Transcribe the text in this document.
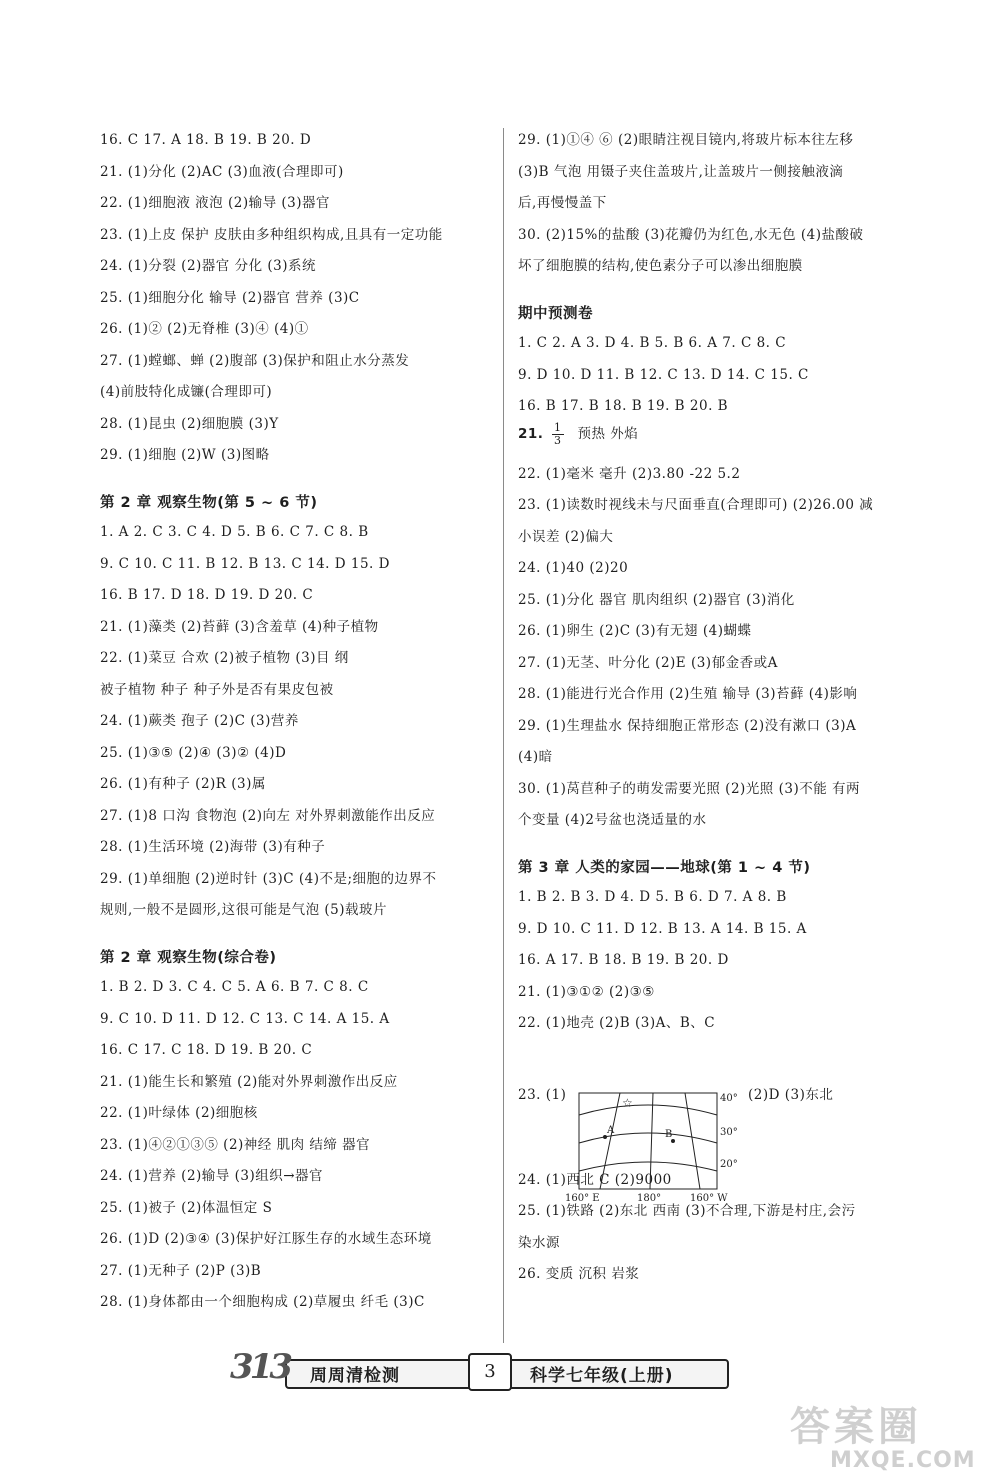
16. C 17. A 18. B 19. B 20. D
21. (1)分化 (2)AC (3)血液(合理即可)
22. (1)细胞液 液泡 (2)输导 (3)器官
23. (1)上皮 保护 皮肤由多种组织构成,且具有一定功能
24. (1)分裂 (2)器官 分化 (3)系统
25. (1)细胞分化 输导 (2)器官 营养 (3)C
26. (1)② (2)无脊椎 (3)④ (4)①
27. (1)螳螂、蝉 (2)腹部 (3)保护和阻止水分蒸发
(4)前肢特化成镰(合理即可)
28. (1)昆虫 (2)细胞膜 (3)Y
29. (1)细胞 (2)W (3)图略
第 2 章 观察生物(第 5 ~ 6 节)
1. A 2. C 3. C 4. D 5. B 6. C 7. C 8. B
9. C 10. C 11. B 12. B 13. C 14. D 15. D
16. B 17. D 18. D 19. D 20. C
21. (1)藻类 (2)苔藓 (3)含羞草 (4)种子植物
22. (1)菜豆 合欢 (2)被子植物 (3)目 纲
被子植物 种子 种子外是否有果皮包被
24. (1)蕨类 孢子 (2)C (3)营养
25. (1)③⑤ (2)④ (3)② (4)D
26. (1)有种子 (2)R (3)属
27. (1)8 口沟 食物泡 (2)向左 对外界刺激能作出反应
28. (1)生活环境 (2)海带 (3)有种子
29. (1)单细胞 (2)逆时针 (3)C (4)不是;细胞的边界不
规则,一般不是圆形,这很可能是气泡 (5)载玻片
第 2 章 观察生物(综合卷)
1. B 2. D 3. C 4. C 5. A 6. B 7. C 8. C
9. C 10. D 11. D 12. C 13. C 14. A 15. A
16. C 17. C 18. D 19. B 20. C
21. (1)能生长和繁殖 (2)能对外界刺激作出反应
22. (1)叶绿体 (2)细胞核
23. (1)④②①③⑤ (2)神经 肌肉 结缔 器官
24. (1)营养 (2)输导 (3)组织→器官
25. (1)被子 (2)体温恒定 S
26. (1)D (2)③④ (3)保护好江豚生存的水域生态环境
27. (1)无种子 (2)P (3)B
28. (1)身体都由一个细胞构成 (2)草履虫 纤毛 (3)C
29. (1)①④ ⑥ (2)眼睛注视目镜内,将玻片标本往左移
(3)B 气泡 用镊子夹住盖玻片,让盖玻片一侧接触液滴
后,再慢慢盖下
30. (2)15%的盐酸 (3)花瓣仍为红色,水无色 (4)盐酸破
坏了细胞膜的结构,使色素分子可以渗出细胞膜
期中预测卷
1. C 2. A 3. D 4. B 5. B 6. A 7. C 8. C
9. D 10. D 11. B 12. C 13. D 14. C 15. C
16. B 17. B 18. B 19. B 20. B
21. $\frac{1}{3}$ 预热 外焰
22. (1)毫米 毫升 (2)3.80 -22 5.2
23. (1)读数时视线未与尺面垂直(合理即可) (2)26.00 减
小误差 (2)偏大
24. (1)40 (2)20
25. (1)分化 器官 肌肉组织 (2)器官 (3)消化
26. (1)卵生 (2)C (3)有无翅 (4)蝴蝶
27. (1)无茎、叶分化 (2)E (3)郁金香或A
28. (1)能进行光合作用 (2)生殖 输导 (3)苔藓 (4)影响
29. (1)生理盐水 保持细胞正常形态 (2)没有漱口 (3)A
(4)暗
30. (1)莴苣种子的萌发需要光照 (2)光照 (3)不能 有两
个变量 (4)2号盆也浇适量的水
第 3 章 人类的家园——地球(第 1 ~ 4 节)
1. B 2. B 3. D 4. D 5. B 6. D 7. A 8. B
9. D 10. C 11. D 12. B 13. A 14. B 15. A
16. A 17. B 18. B 19. B 20. D
21. (1)③①② (2)③⑤
22. (1)地壳 (2)B (3)A、B、C
23. (1)	(2)D (3)东北
24. (1)西北 C (2)9000
25. (1)铁路 (2)东北 西南 (3)不合理,下游是村庄,会污
染水源
26. 变质 沉积 岩浆
☆
A	B
40°
30°
20°
160° E	180°	160° W
313 周周清检测	3	科学七年级(上册)
答案圈
MXQE.COM
